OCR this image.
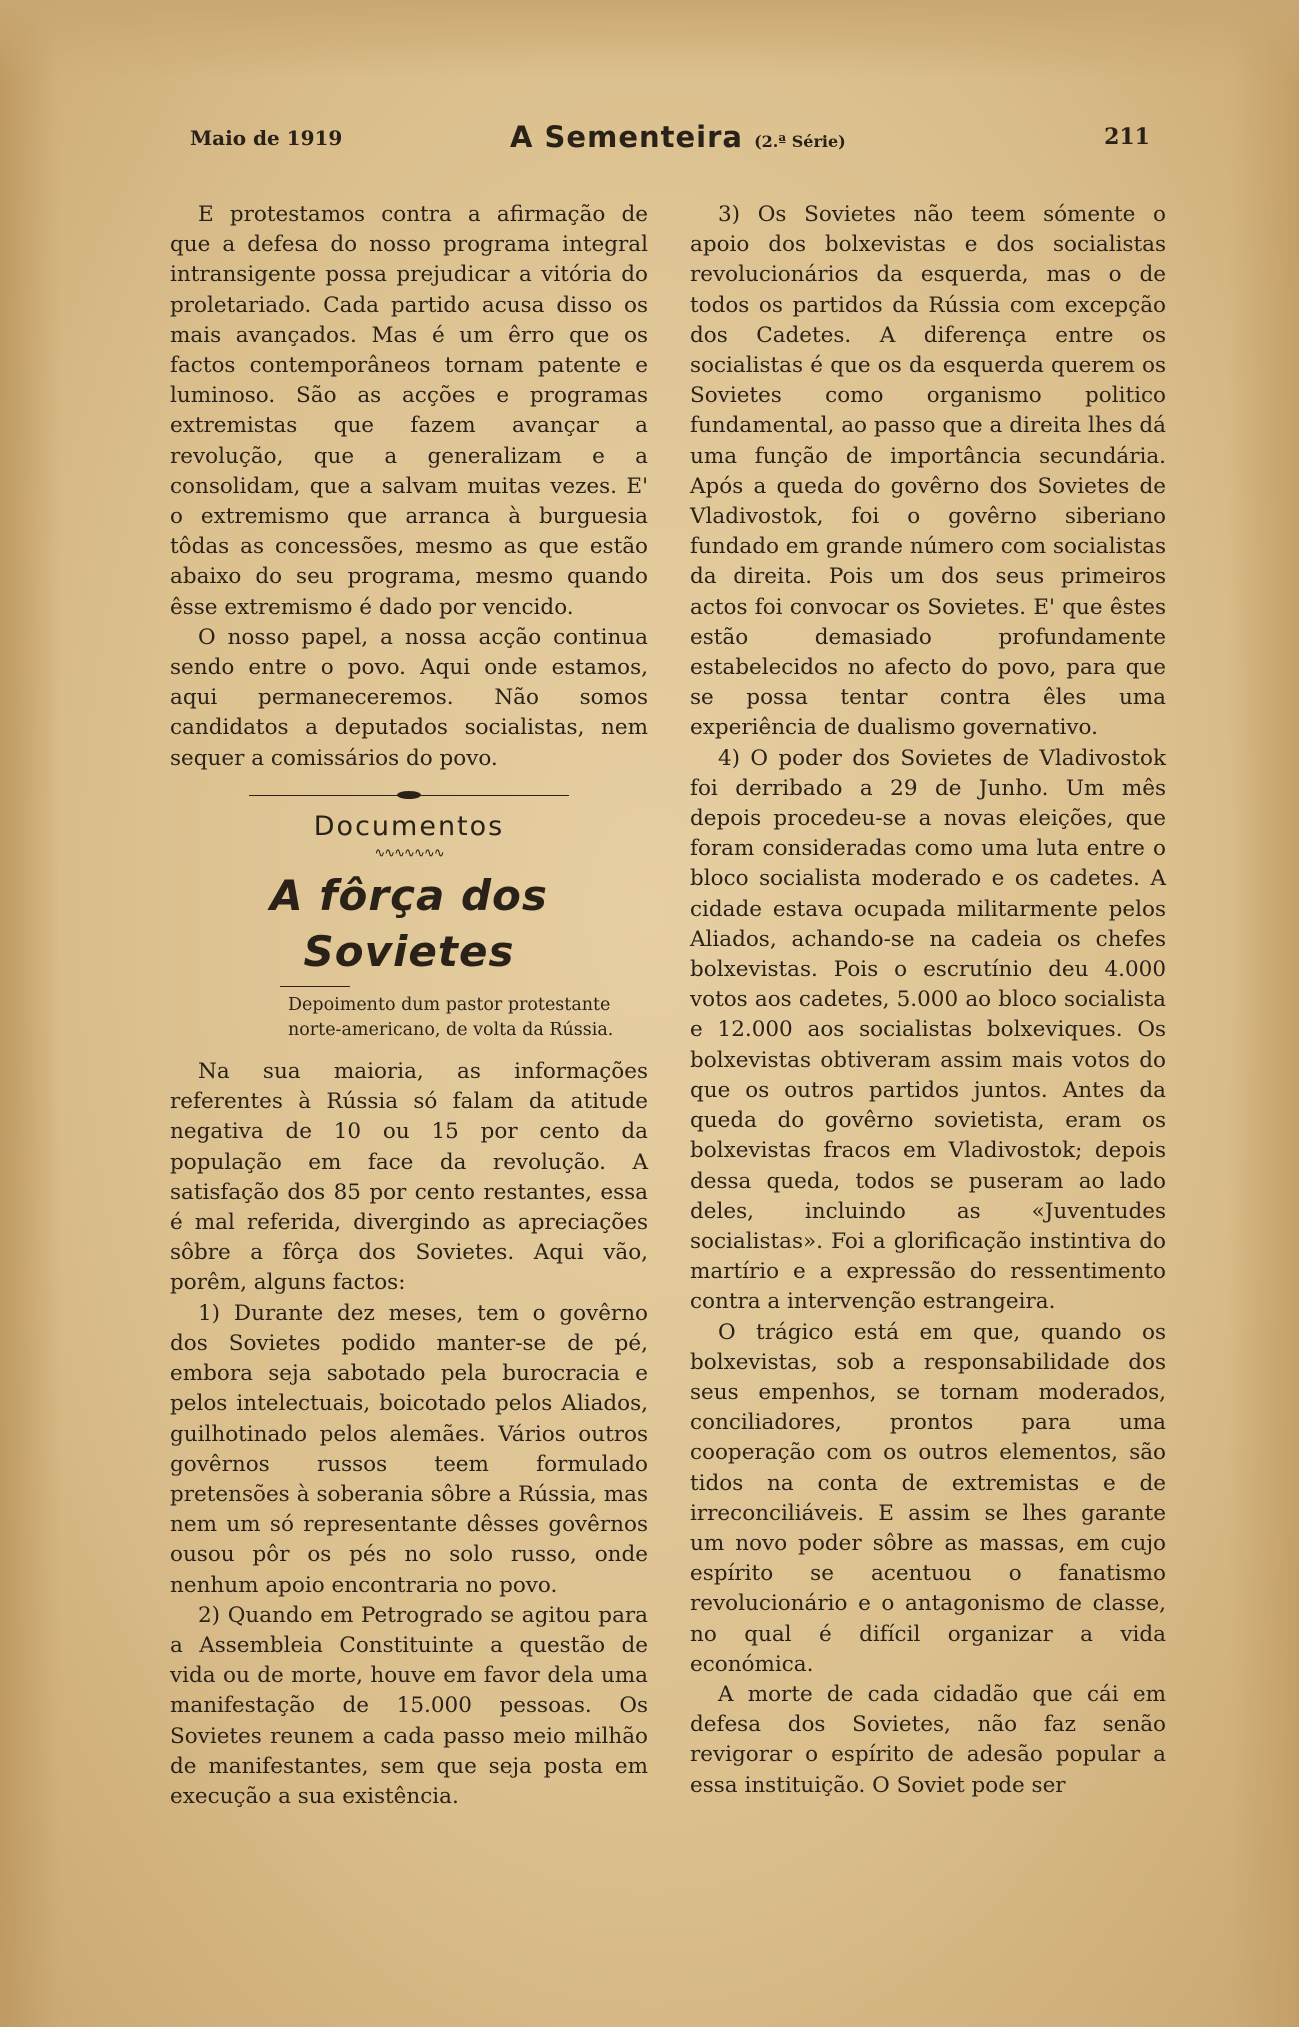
Maio de 1919	A Sementeira (2.ª Série)	211

E protestamos contra a afirmação de que a defesa do nosso programa integral intransigente possa prejudicar a vitória do proletariado. Cada partido acusa disso os mais avançados. Mas é um êrro que os factos contemporâneos tornam patente e luminoso. São as acções e programas extremistas que fazem avançar a revolução, que a generalizam e a consolidam, que a salvam muitas vezes. E' o extremismo que arranca à burguesia tôdas as concessões, mesmo as que estão abaixo do seu programa, mesmo quando êsse extremismo é dado por vencido.

O nosso papel, a nossa acção continua sendo entre o povo. Aqui onde estamos, aqui permaneceremos. Não somos candidatos a deputados socialistas, nem sequer a comissários do povo.

Documentos
∿∿∿∿∿∿∿
A fôrça dos Sovietes
Depoimento dum pastor protestante norte-americano, de volta da Rússia.

Na sua maioria, as informações referentes à Rússia só falam da atitude negativa de 10 ou 15 por cento da população em face da revolução. A satisfação dos 85 por cento restantes, essa é mal referida, divergindo as apreciações sôbre a fôrça dos Sovietes. Aqui vão, porêm, alguns factos:

1) Durante dez meses, tem o govêrno dos Sovietes podido manter-se de pé, embora seja sabotado pela burocracia e pelos intelectuais, boicotado pelos Aliados, guilhotinado pelos alemães. Vários outros govêrnos russos teem formulado pretensões à soberania sôbre a Rússia, mas nem um só representante dêsses govêrnos ousou pôr os pés no solo russo, onde nenhum apoio encontraria no povo.

2) Quando em Petrogrado se agitou para a Assembleia Constituinte a questão de vida ou de morte, houve em favor dela uma manifestação de 15.000 pessoas. Os Sovietes reunem a cada passo meio milhão de manifestantes, sem que seja posta em execução a sua existência.

3) Os Sovietes não teem sómente o apoio dos bolxevistas e dos socialistas revolucionários da esquerda, mas o de todos os partidos da Rússia com excepção dos Cadetes. A diferença entre os socialistas é que os da esquerda querem os Sovietes como organismo politico fundamental, ao passo que a direita lhes dá uma função de importância secundária. Após a queda do govêrno dos Sovietes de Vladivostok, foi o govêrno siberiano fundado em grande número com socialistas da direita. Pois um dos seus primeiros actos foi convocar os Sovietes. E' que êstes estão demasiado profundamente estabelecidos no afecto do povo, para que se possa tentar contra êles uma experiência de dualismo governativo.

4) O poder dos Sovietes de Vladivostok foi derribado a 29 de Junho. Um mês depois procedeu-se a novas eleições, que foram consideradas como uma luta entre o bloco socialista moderado e os cadetes. A cidade estava ocupada militarmente pelos Aliados, achando-se na cadeia os chefes bolxevistas. Pois o escrutínio deu 4.000 votos aos cadetes, 5.000 ao bloco socialista e 12.000 aos socialistas bolxeviques. Os bolxevistas obtiveram assim mais votos do que os outros partidos juntos. Antes da queda do govêrno sovietista, eram os bolxevistas fracos em Vladivostok; depois dessa queda, todos se puseram ao lado deles, incluindo as «Juventudes socialistas». Foi a glorificação instintiva do martírio e a expressão do ressentimento contra a intervenção estrangeira.

O trágico está em que, quando os bolxevistas, sob a responsabilidade dos seus empenhos, se tornam moderados, conciliadores, prontos para uma cooperação com os outros elementos, são tidos na conta de extremistas e de irreconciliáveis. E assim se lhes garante um novo poder sôbre as massas, em cujo espírito se acentuou o fanatismo revolucionário e o antagonismo de classe, no qual é difícil organizar a vida económica.

A morte de cada cidadão que cái em defesa dos Sovietes, não faz senão revigorar o espírito de adesão popular a essa instituição. O Soviet pode ser
